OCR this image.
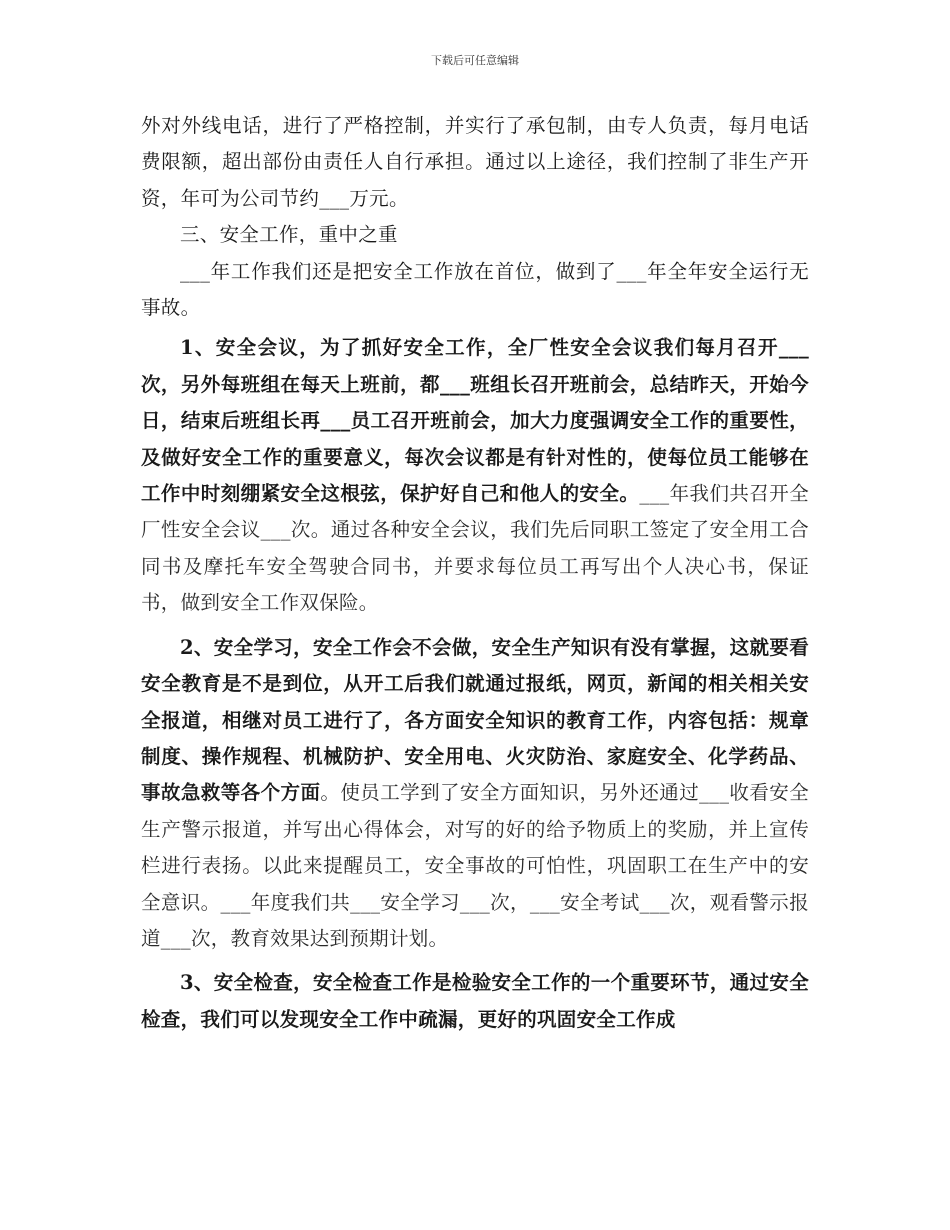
下载后可任意编辑

外对外线电话，进行了严格控制，并实行了承包制，由专人负责，每月电话费限额，超出部份由责任人自行承担。通过以上途径，我们控制了非生产开资，年可为公司节约___万元。

三、安全工作，重中之重

___年工作我们还是把安全工作放在首位，做到了___年全年安全运行无事故。

1、安全会议，为了抓好安全工作，全厂性安全会议我们每月召开___次，另外每班组在每天上班前，都___班组长召开班前会，总结昨天，开始今日，结束后班组长再___员工召开班前会，加大力度强调安全工作的重要性，及做好安全工作的重要意义，每次会议都是有针对性的，使每位员工能够在工作中时刻绷紧安全这根弦，保护好自己和他人的安全。___年我们共召开全厂性安全会议___次。通过各种安全会议，我们先后同职工签定了安全用工合同书及摩托车安全驾驶合同书，并要求每位员工再写出个人决心书，保证书，做到安全工作双保险。

2、安全学习，安全工作会不会做，安全生产知识有没有掌握，这就要看安全教育是不是到位，从开工后我们就通过报纸，网页，新闻的相关相关安全报道，相继对员工进行了，各方面安全知识的教育工作，内容包括：规章制度、操作规程、机械防护、安全用电、火灾防治、家庭安全、化学药品、事故急救等各个方面。使员工学到了安全方面知识，另外还通过___收看安全生产警示报道，并写出心得体会，对写的好的给予物质上的奖励，并上宣传栏进行表扬。以此来提醒员工，安全事故的可怕性，巩固职工在生产中的安全意识。___年度我们共___安全学习___次，___安全考试___次，观看警示报道___次，教育效果达到预期计划。

3、安全检查，安全检查工作是检验安全工作的一个重要环节，通过安全检查，我们可以发现安全工作中疏漏，更好的巩固安全工作成
